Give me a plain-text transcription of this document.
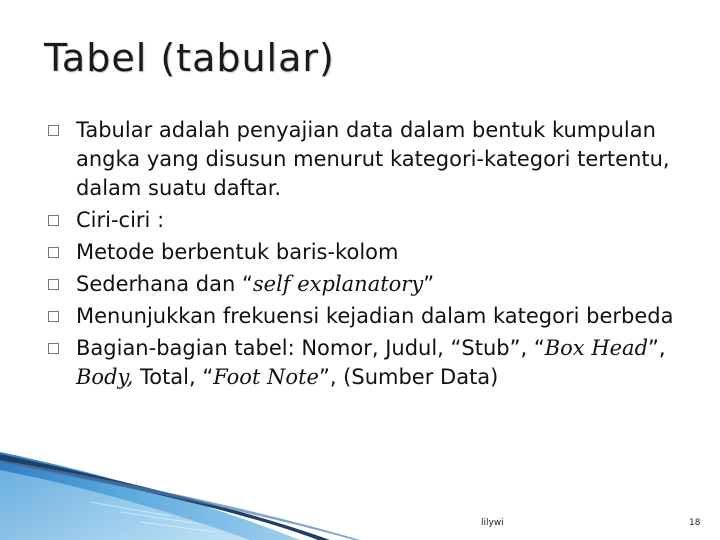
Tabel (tabular)

Tabular adalah penyajian data dalam bentuk kumpulan angka yang disusun menurut kategori-kategori tertentu, dalam suatu daftar.

Ciri-ciri :

Metode berbentuk baris-kolom

Sederhana dan “self explanatory”

Menunjukkan frekuensi kejadian dalam kategori berbeda

Bagian-bagian tabel: Nomor, Judul, “Stub”, “Box Head”, Body, Total, “Foot Note”, (Sumber Data)

lilywi	18
